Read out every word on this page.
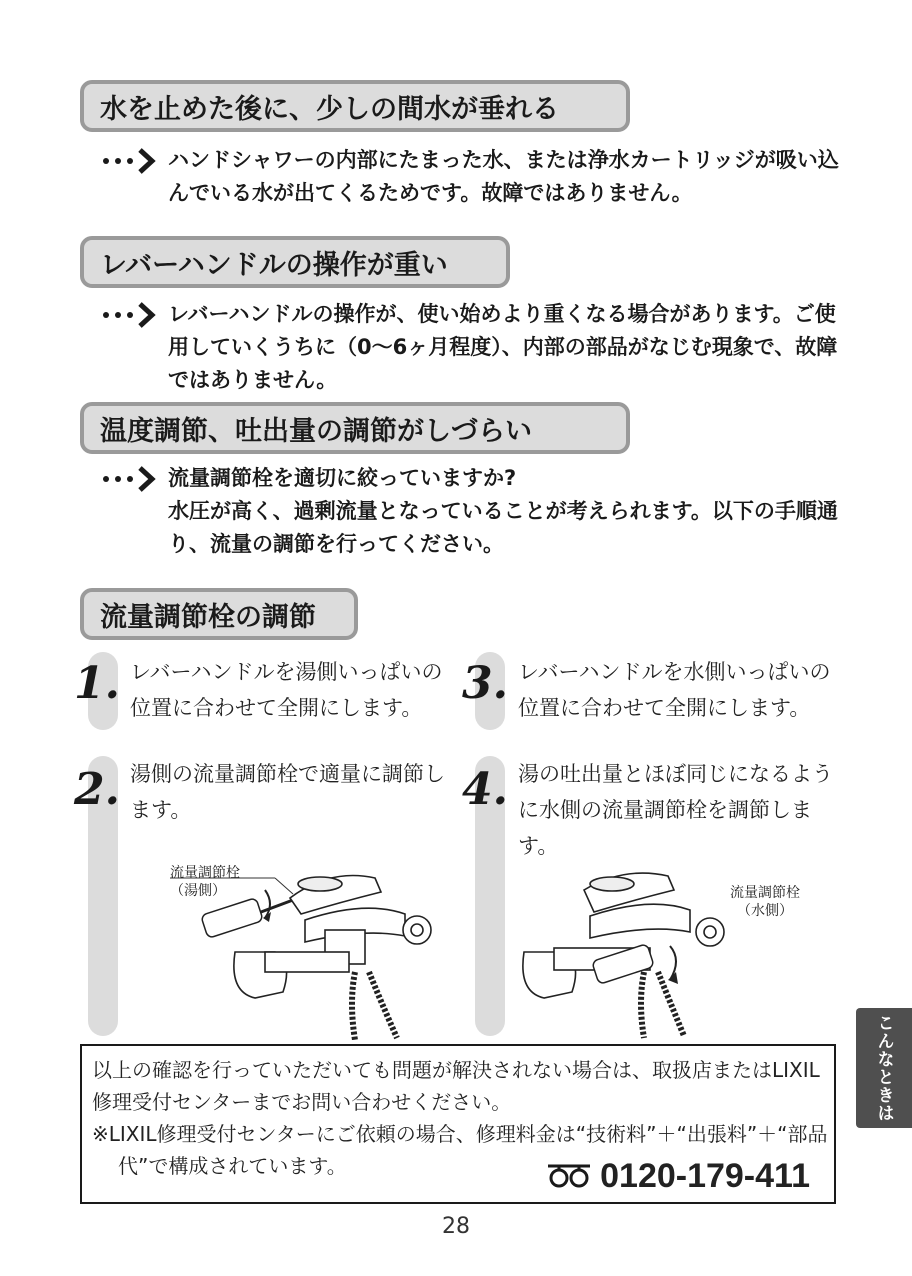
水を止めた後に、少しの間水が垂れる
ハンドシャワーの内部にたまった水、または浄水カートリッジが吸い込んでいる水が出てくるためです。故障ではありません。
レバーハンドルの操作が重い
レバーハンドルの操作が、使い始めより重くなる場合があります。ご使用していくうちに（0〜6ヶ月程度）、内部の部品がなじむ現象で、故障ではありません。
温度調節、吐出量の調節がしづらい
流量調節栓を適切に絞っていますか?
水圧が高く、過剰流量となっていることが考えられます。以下の手順通り、流量の調節を行ってください。
流量調節栓の調節
1. レバーハンドルを湯側いっぱいの位置に合わせて全開にします。 3. レバーハンドルを水側いっぱいの位置に合わせて全開にします。
2. 湯側の流量調節栓で適量に調節します。	4. 湯の吐出量とほぼ同じになるように水側の流量調節栓を調節します。
流量調節栓
（湯側）	流量調節栓
（水側）
こんなときは

以上の確認を行っていただいても問題が解決されない場合は、取扱店またはLIXIL修理受付センターまでお問い合わせください。

※LIXIL修理受付センターにご依頼の場合、修理料金は“技術料”＋“出張料”＋“部品代”で構成されています。	0120-179-411
28
